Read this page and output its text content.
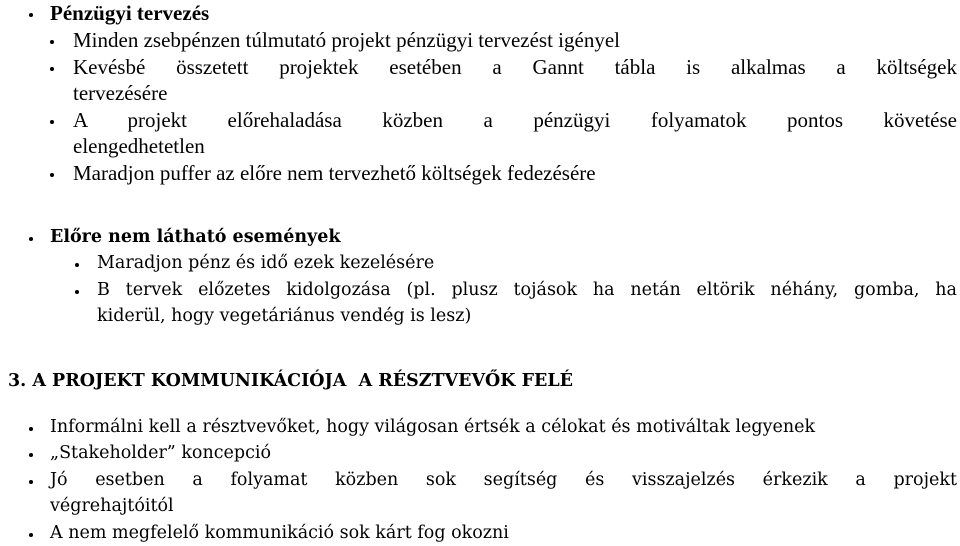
Pénzügyi tervezés
Minden zsebpénzen túlmutató projekt pénzügyi tervezést igényel
Kevésbé összetett projektek esetében a Gannt tábla is alkalmas a költségek
tervezésére
A projekt előrehaladása közben a pénzügyi folyamatok pontos követése
elengedhetetlen
Maradjon puffer az előre nem tervezhető költségek fedezésére
Előre nem látható események
Maradjon pénz és idő ezek kezelésére
B tervek előzetes kidolgozása (pl. plusz tojások ha netán eltörik néhány, gomba, ha
kiderül, hogy vegetáriánus vendég is lesz)
3. A PROJEKT KOMMUNIKÁCIÓJA  A RÉSZTVEVŐK FELÉ
Informálni kell a résztvevőket, hogy világosan értsék a célokat és motiváltak legyenek
„Stakeholder” koncepció
Jó esetben a folyamat közben sok segítség és visszajelzés érkezik a projekt
végrehajtóitól
A nem megfelelő kommunikáció sok kárt fog okozni
